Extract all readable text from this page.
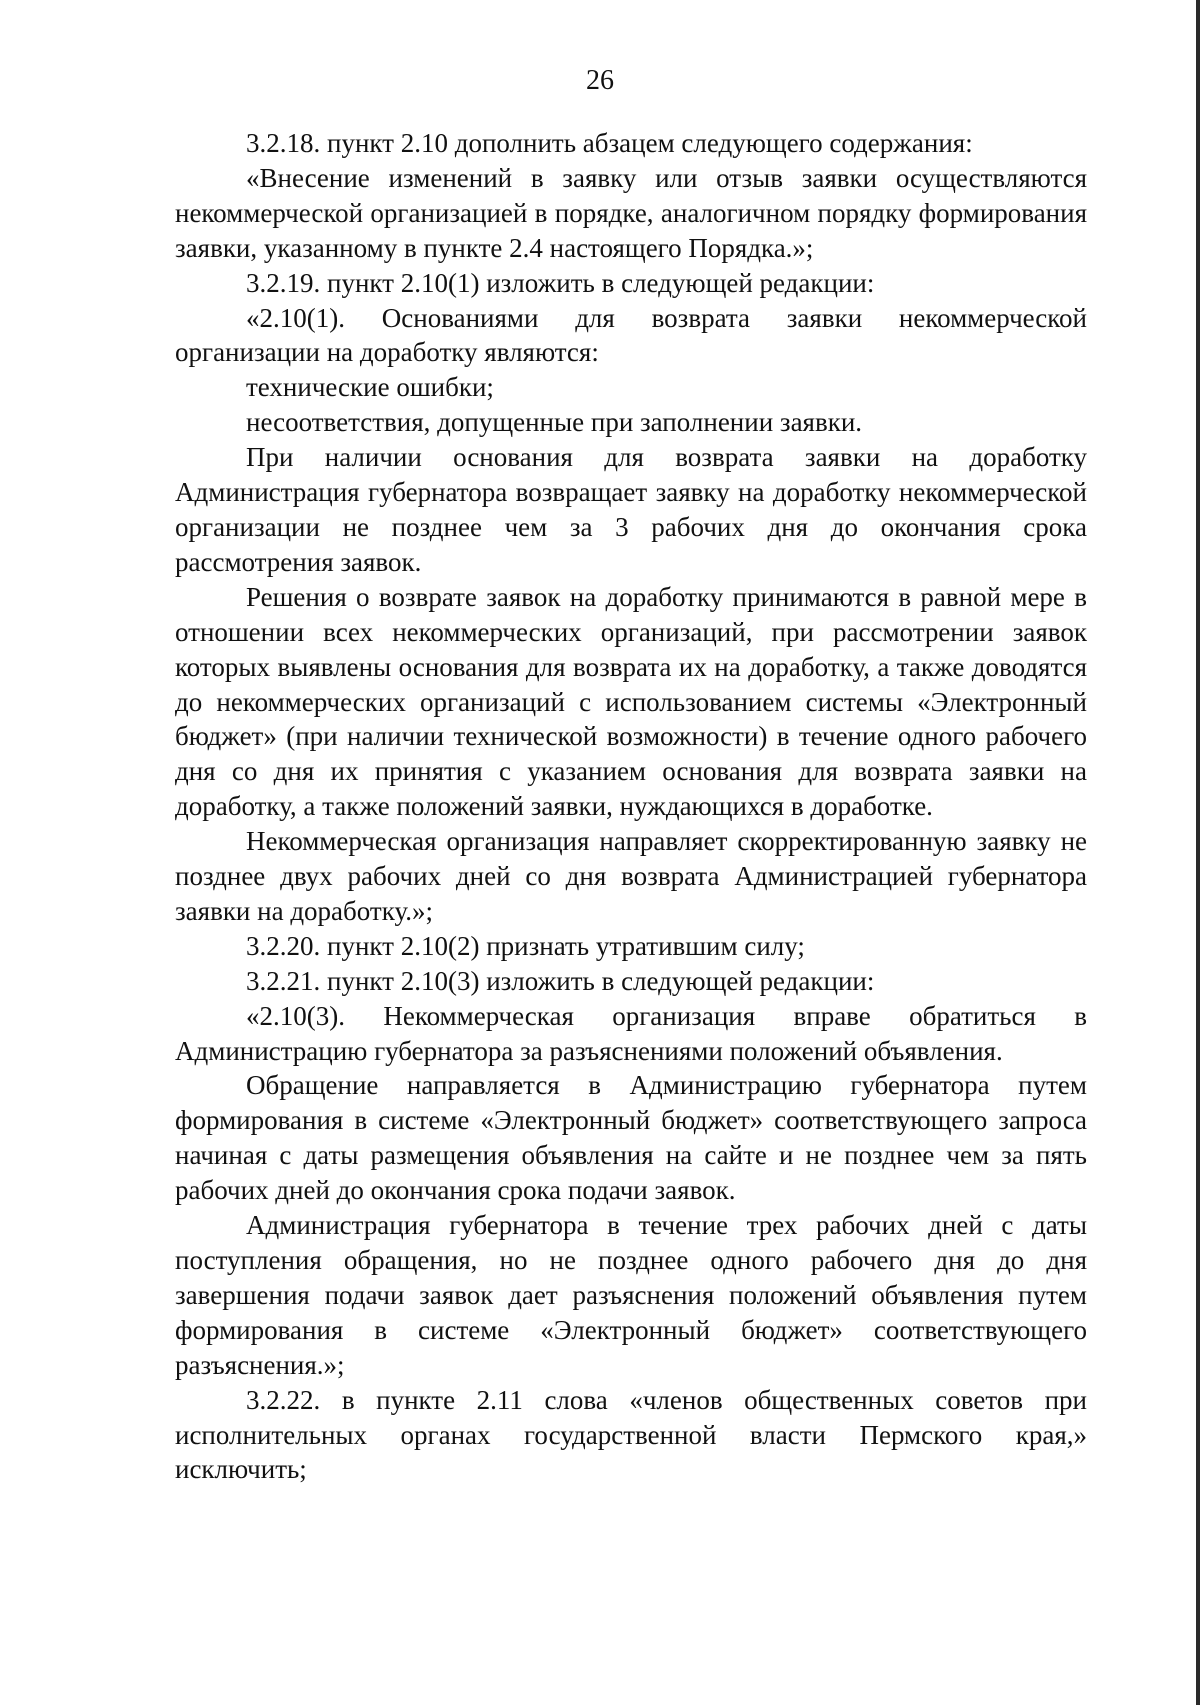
26

3.2.18. пункт 2.10 дополнить абзацем следующего содержания:

«Внесение изменений в заявку или отзыв заявки осуществляются некоммерческой организацией в порядке, аналогичном порядку формирования заявки, указанному в пункте 2.4 настоящего Порядка.»;

3.2.19. пункт 2.10(1) изложить в следующей редакции:

«2.10(1). Основаниями для возврата заявки некоммерческой организации на доработку являются:

технические ошибки;

несоответствия, допущенные при заполнении заявки.

При наличии основания для возврата заявки на доработку Администрация губернатора возвращает заявку на доработку некоммерческой организации не позднее чем за 3 рабочих дня до окончания срока рассмотрения заявок.

Решения о возврате заявок на доработку принимаются в равной мере в отношении всех некоммерческих организаций, при рассмотрении заявок которых выявлены основания для возврата их на доработку, а также доводятся до некоммерческих организаций с использованием системы «Электронный бюджет» (при наличии технической возможности) в течение одного рабочего дня со дня их принятия с указанием основания для возврата заявки на доработку, а также положений заявки, нуждающихся в доработке.

Некоммерческая организация направляет скорректированную заявку не позднее двух рабочих дней со дня возврата Администрацией губернатора заявки на доработку.»;

3.2.20. пункт 2.10(2) признать утратившим силу;

3.2.21. пункт 2.10(3) изложить в следующей редакции:

«2.10(3). Некоммерческая организация вправе обратиться в Администрацию губернатора за разъяснениями положений объявления.

Обращение направляется в Администрацию губернатора путем формирования в системе «Электронный бюджет» соответствующего запроса начиная с даты размещения объявления на сайте и не позднее чем за пять рабочих дней до окончания срока подачи заявок.

Администрация губернатора в течение трех рабочих дней с даты поступления обращения, но не позднее одного рабочего дня до дня завершения подачи заявок дает разъяснения положений объявления путем формирования в системе «Электронный бюджет» соответствующего разъяснения.»;

3.2.22. в пункте 2.11 слова «членов общественных советов при исполнительных органах государственной власти Пермского края,» исключить;
